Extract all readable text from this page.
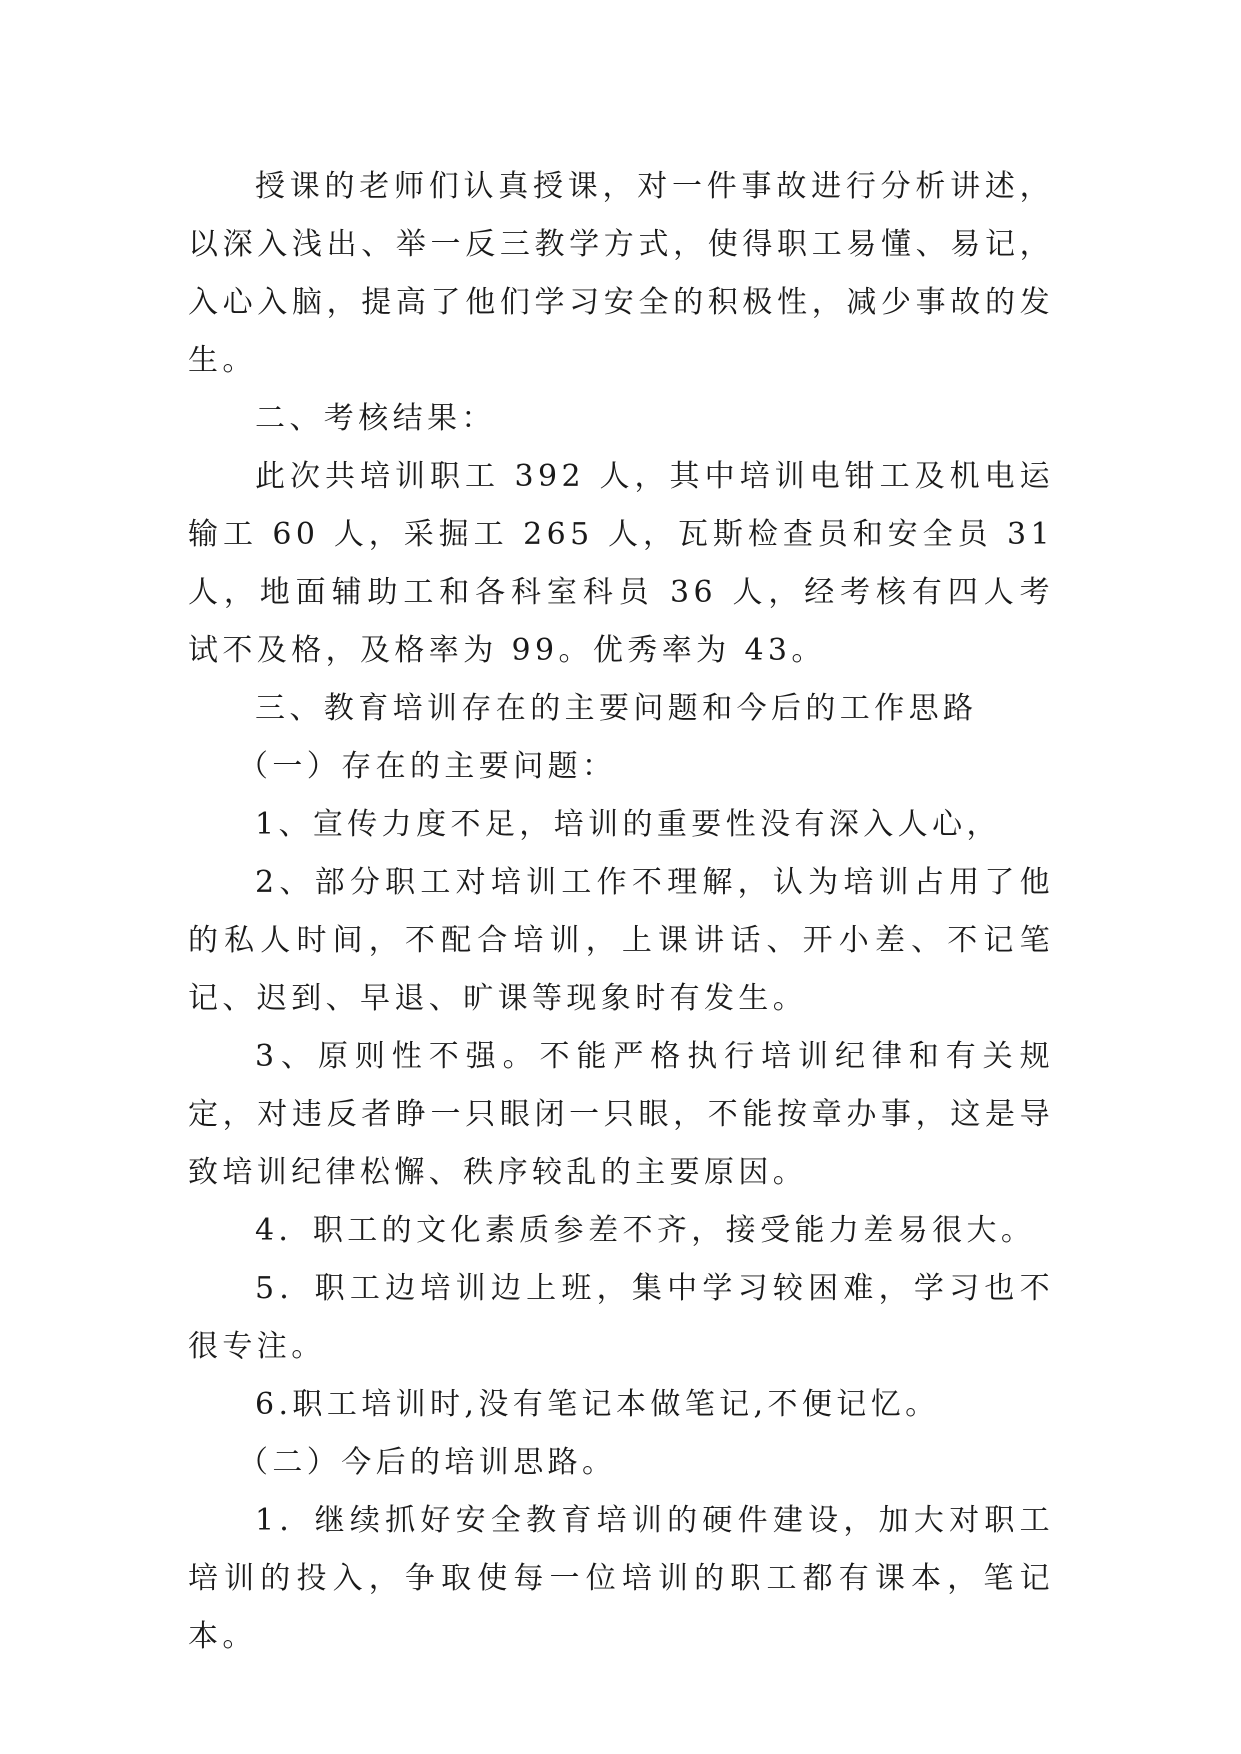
授课的老师们认真授课，对一件事故进行分析讲述，以深入浅出、举一反三教学方式，使得职工易懂、易记，入心入脑，提高了他们学习安全的积极性，减少事故的发生。

二、考核结果：

此次共培训职工 392 人，其中培训电钳工及机电运输工 60 人，采掘工 265 人，瓦斯检查员和安全员 31 人，地面辅助工和各科室科员 36 人，经考核有四人考试不及格，及格率为 99。优秀率为 43。

三、教育培训存在的主要问题和今后的工作思路

（一）存在的主要问题：

1、宣传力度不足，培训的重要性没有深入人心，

2、部分职工对培训工作不理解，认为培训占用了他的私人时间，不配合培训，上课讲话、开小差、不记笔记、迟到、早退、旷课等现象时有发生。

3、原则性不强。不能严格执行培训纪律和有关规定，对违反者睁一只眼闭一只眼，不能按章办事，这是导致培训纪律松懈、秩序较乱的主要原因。

4．职工的文化素质参差不齐，接受能力差易很大。

5．职工边培训边上班，集中学习较困难，学习也不很专注。

6.职工培训时,没有笔记本做笔记,不便记忆。

（二）今后的培训思路。

1．继续抓好安全教育培训的硬件建设，加大对职工培训的投入，争取使每一位培训的职工都有课本，笔记本。
